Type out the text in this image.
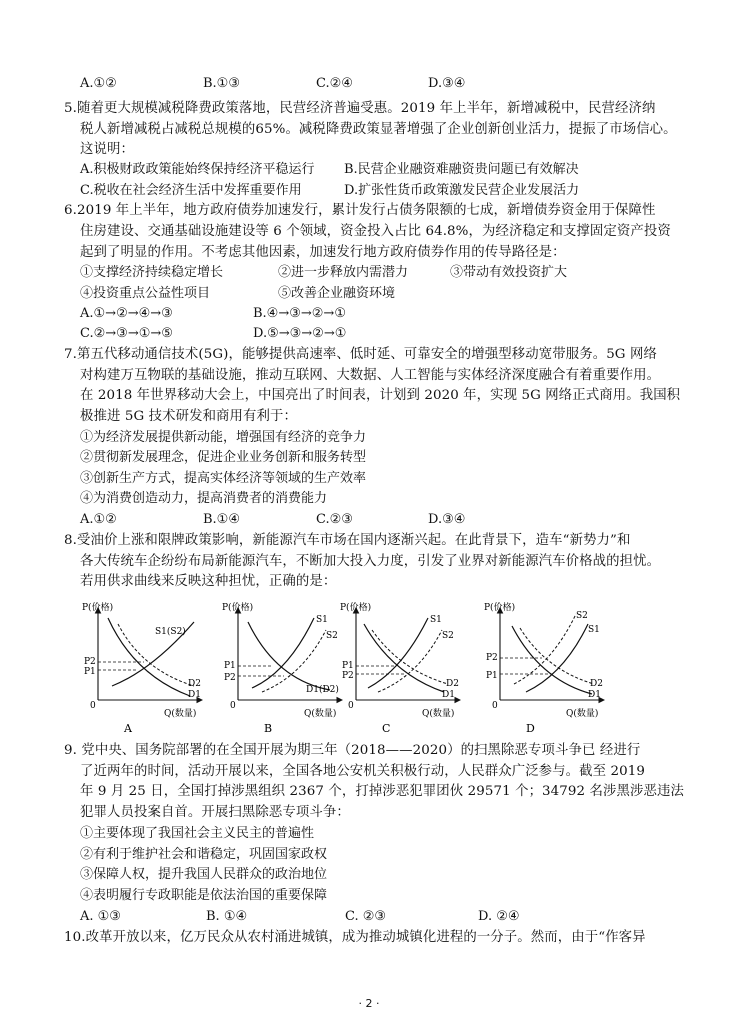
A.①②	B.①③	C.②④	D.③④
5.随着更大规模减税降费政策落地，民营经济普遍受惠。2019 年上半年，新增减税中，民营经济纳
税人新增减税占减税总规模的65%。减税降费政策显著增强了企业创新创业活力，提振了市场信心。
这说明：
A.积极财政政策能始终保持经济平稳运行 B.民营企业融资难融资贵问题已有效解决
C.税收在社会经济生活中发挥重要作用	D.扩张性货币政策激发民营企业发展活力
6.2019 年上半年，地方政府债券加速发行，累计发行占债务限额的七成，新增债券资金用于保障性
住房建设、交通基础设施建设等 6 个领域，资金投入占比 64.8%，为经济稳定和支撑固定资产投资
起到了明显的作用。不考虑其他因素，加速发行地方政府债券作用的传导路径是：
①支撑经济持续稳定增长	②进一步释放内需潜力	③带动有效投资扩大
④投资重点公益性项目	⑤改善企业融资环境
A.①→②→④→③	B.④→③→②→①
C.②→③→①→⑤	D.⑤→③→②→①
7.第五代移动通信技术(5G)，能够提供高速率、低时延、可靠安全的增强型移动宽带服务。5G 网络
对构建万互物联的基础设施，推动互联网、大数据、人工智能与实体经济深度融合有着重要作用。
在 2018 年世界移动大会上，中国亮出了时间表，计划到 2020 年，实现 5G 网络正式商用。我国积
极推进 5G 技术研发和商用有利于：
①为经济发展提供新动能，增强国有经济的竞争力
②贯彻新发展理念，促进企业业务创新和服务转型
③创新生产方式，提高实体经济等领域的生产效率
④为消费创造动力，提高消费者的消费能力
A.①②	B.①④	C.②③	D.③④
8.受油价上涨和限牌政策影响，新能源汽车市场在国内逐渐兴起。在此背景下，造车“新势力”和
各大传统车企纷纷布局新能源汽车，不断加大投入力度，引发了业界对新能源汽车价格战的担忧。
若用供求曲线来反映这种担忧，正确的是：
P(价格)
Q(数量)
0
S1(S2)
D2
D1
P2
P1
A
P(价格)
Q(数量)
0
S1
S2
D1(D2)
P1
P2
B
P(价格)
Q(数量)
0
S1
S2
D2
D1
P1
P2
C
P(价格)
Q(数量)
0
S2
S1
D2
D1
P2
P1
D
9. 党中央、国务院部署的在全国开展为期三年（2018——2020）的扫黑除恶专项斗争已 经进行
了近两年的时间，活动开展以来，全国各地公安机关积极行动，人民群众广泛参与。截至 2019
年 9 月 25 日，全国打掉涉黑组织 2367 个，打掉涉恶犯罪团伙 29571 个；34792 名涉黑涉恶违法
犯罪人员投案自首。开展扫黑除恶专项斗争：
①主要体现了我国社会主义民主的普遍性
②有利于维护社会和谐稳定，巩固国家政权
③保障人权，提升我国人民群众的政治地位
④表明履行专政职能是依法治国的重要保障
A. ①③	B. ①④	C. ②③	D. ②④
10.改革开放以来，亿万民众从农村涌进城镇，成为推动城镇化进程的一分子。然而，由于“作客异
· 2 ·
